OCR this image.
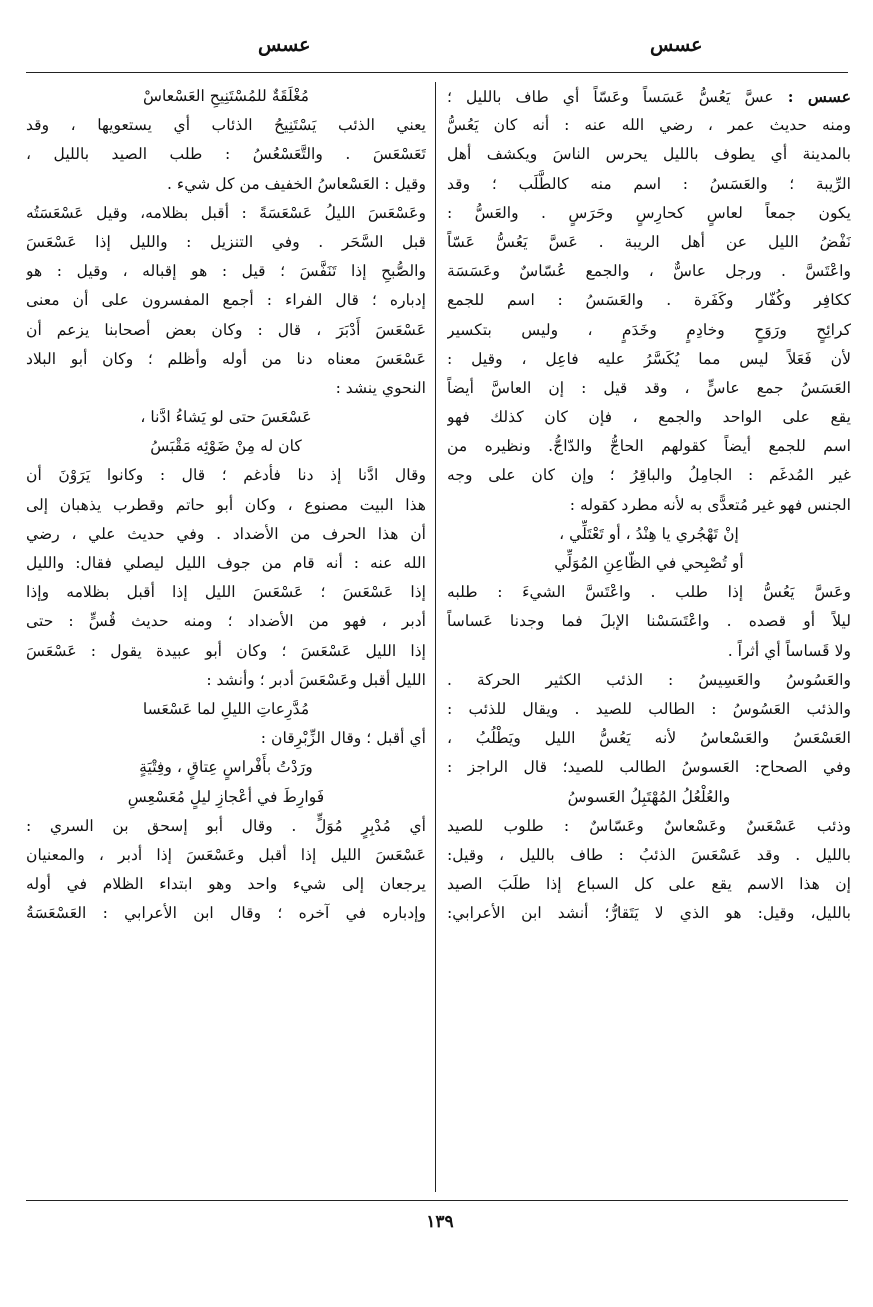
عسس
عسس
عسس : عسَّ يَعُسُّ عَسَساً وعَسّاً أي طاف بالليل ؛
ومنه حديث عمر ، رضي الله عنه : أنه كان يَعُسُّ
بالمدينة أي يطوف بالليل يحرس الناسَ ويكشف أهل
الرِّيبة ؛ والعَسَسُ : اسم منه كالطَّلَب ؛ وقد
يكون جمعاً لعاسٍ كحارِسٍ وحَرَسٍ . والعَسُّ :
نَفْضُ الليل عن أهل الريبة . عَسَّ يَعُسُّ عَسّاً
واعْتَسَّ . ورجل عاسٌّ ، والجمع عُسّاسٌ وعَسَسَة
ككافِر وكُفّار وكَفَرة . والعَسَسُ : اسم للجمع
كرائِحٍ ورَوَحٍ وخادِمٍ وخَدَمٍ ، وليس بتكسير
لأن فَعَلاً ليس مما يُكَسَّرُ عليه فاعِل ، وقيل :
العَسَسُ جمع عاسٍّ ، وقد قيل : إن العاسَّ أيضاً
يقع على الواحد والجمع ، فإن كان كذلك فهو
اسم للجمع أيضاً كقولهم الحاجُّ والدّاجُّ. ونظيره من
غير المُدغَم : الجامِلُ والباقِرُ ؛ وإن كان على وجه
الجنس فهو غير مُتعدًّى به لأنه مطرد كقوله :
إنْ تَهْجُري يا هِنْدُ ، أو تَعْتَلِّي ،
أو تُصْبِحي في الظّاعِنِ المُوَلِّي
وعَسَّ يَعُسُّ إذا طلب . واعْتَسَّ الشيءَ : طلبه
ليلاً أو قصده . واعْتَسَسْنا الإبلَ فما وجدنا عَساساً
ولا قَساساً أي أثراً .
والعَسُوسُ والعَسِيسُ : الذئب الكثير الحركة .
والذئب العَسُوسُ : الطالب للصيد . ويقال للذئب :
العَسْعَسُ والعَسْعاسُ لأنه يَعُسُّ الليل ويَطْلُبُ ،
وفي الصحاح: العَسوسُ الطالب للصيد؛ قال الراجز :
والعُلْعُلُ المُهْتَبِلُ العَسوسُ
وذئب عَسْعَسٌ وعَسْعاسٌ وعَسّاسٌ : طلوب للصيد
بالليل . وقد عَسْعَسَ الذئبُ : طاف بالليل ، وقيل:
إن هذا الاسم يقع على كل السباع إذا طلَبَ الصيد
بالليل، وقيل: هو الذي لا يَتَقارُّ؛ أنشد ابن الأعرابي:
مُغْلَقَةٌ للمُسْتَنِيحِ العَسْعاسْ
يعني الذئب يَسْتَنِيحُ الذئاب أي يستعويها ، وقد
تَعَسْعَسَ . والتَّعَسْعُسُ : طلب الصيد بالليل ،
وقيل : العَسْعاسُ الخفيف من كل شيء .
وعَسْعَسَ الليلُ عَسْعَسَةً : أقبل بظلامه، وقيل عَسْعَسَتُه
قبل السَّحَر . وفي التنزيل : والليل إذا عَسْعَسَ
والصُّبحِ إذا تَنَفَّسَ ؛ قيل : هو إقباله ، وقيل : هو
إدباره ؛ قال الفراء : أجمع المفسرون على أن معنى
عَسْعَسَ أَدْبَرَ ، قال : وكان بعض أصحابنا يزعم أن
عَسْعَسَ معناه دنا من أوله وأظلم ؛ وكان أبو البلاد
النحوي ينشد :
عَسْعَسَ حتى لو يَشاءُ ادَّنا ،
كان له مِنْ ضَوْئِه مَقْبَسُ
وقال ادَّنا إذ دنا فأدغم ؛ قال : وكانوا يَرَوْنَ أن
هذا البيت مصنوع ، وكان أبو حاتم وقطرب يذهبان إلى
أن هذا الحرف من الأضداد . وفي حديث علي ، رضي
الله عنه : أنه قام من جوف الليل ليصلي فقال: والليل
إذا عَسْعَسَ ؛ عَسْعَسَ الليل إذا أقبل بظلامه وإذا
أدبر ، فهو من الأضداد ؛ ومنه حديث قُسٍّ : حتى
إذا الليل عَسْعَسَ ؛ وكان أبو عبيدة يقول : عَسْعَسَ
الليل أقبل وعَسْعَسَ أدبر ؛ وأنشد :
مُدَّرِعاتِ الليلِ لما عَسْعَسا
أي أقبل ؛ وقال الزِّبْرِقان :
ورَدْتُ بأَفْراسٍ عِتاقٍ ، وفِتْيَةٍ
فَوارِطَ في أعْجازِ ليلٍ مُعَسْعِسِ
أي مُدْبِرٍ مُوَلٍّ . وقال أبو إسحق بن السري :
عَسْعَسَ الليل إذا أقبل وعَسْعَسَ إذا أدبر ، والمعنيان
يرجعان إلى شيء واحد وهو ابتداء الظلام في أوله
وإدباره في آخره ؛ وقال ابن الأعرابي : العَسْعَسَةُ
١٣٩
